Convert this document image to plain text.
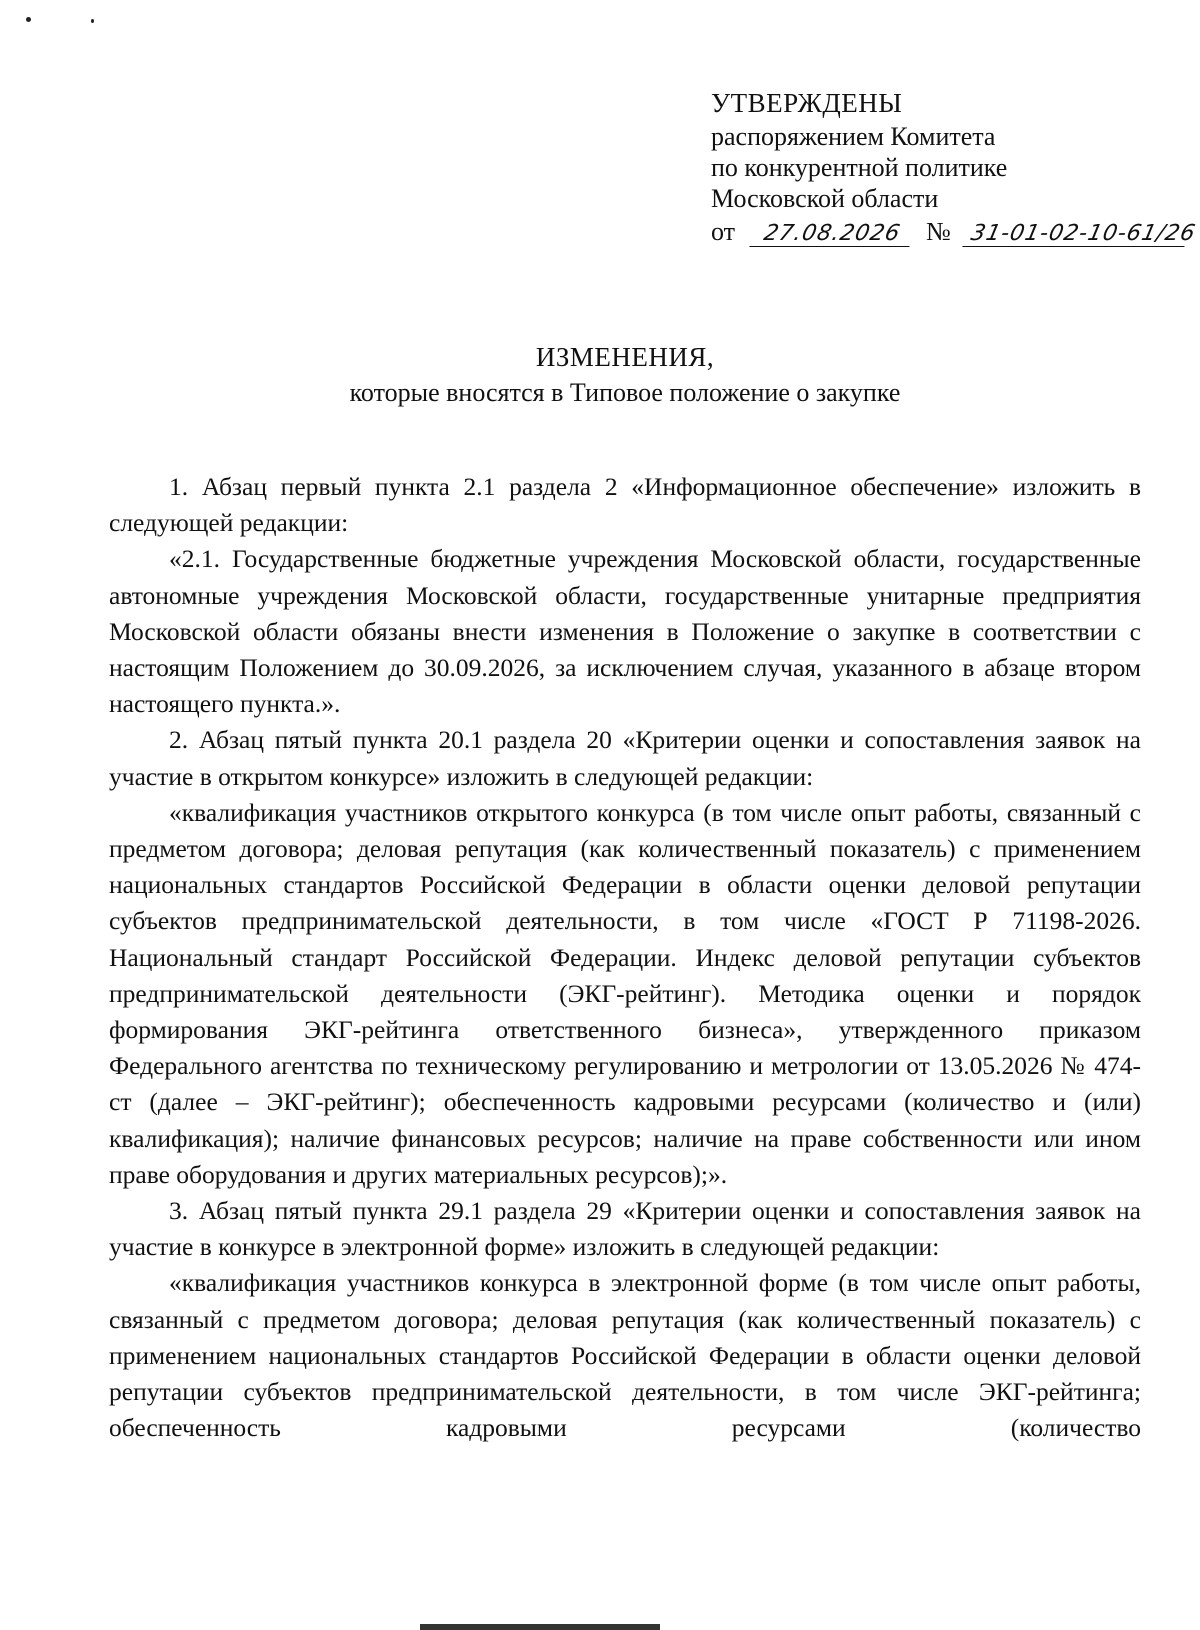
УТВЕРЖДЕНЫ
распоряжением Комитета
по конкурентной политике
Московской области
от 27.08.2026 № 31-01-02-10-61/26
ИЗМЕНЕНИЯ,
которые вносятся в Типовое положение о закупке

1. Абзац первый пункта 2.1 раздела 2 «Информационное обеспечение» изложить в следующей редакции:

«2.1. Государственные бюджетные учреждения Московской области, государственные автономные учреждения Московской области, государственные унитарные предприятия Московской области обязаны внести изменения в Положение о закупке в соответствии с настоящим Положением до 30.09.2026, за исключением случая, указанного в абзаце втором настоящего пункта.».

2. Абзац пятый пункта 20.1 раздела 20 «Критерии оценки и сопоставления заявок на участие в открытом конкурсе» изложить в следующей редакции:

«квалификация участников открытого конкурса (в том числе опыт работы, связанный с предметом договора; деловая репутация (как количественный показатель) с применением национальных стандартов Российской Федерации в области оценки деловой репутации субъектов предпринимательской деятельности, в том числе «ГОСТ Р 71198-2026. Национальный стандарт Российской Федерации. Индекс деловой репутации субъектов предпринимательской деятельности (ЭКГ-рейтинг). Методика оценки и порядок формирования ЭКГ-рейтинга ответственного бизнеса», утвержденного приказом Федерального агентства по техническому регулированию и метрологии от 13.05.2026 № 474-ст (далее – ЭКГ-рейтинг); обеспеченность кадровыми ресурсами (количество и (или) квалификация); наличие финансовых ресурсов; наличие на праве собственности или ином праве оборудования и других материальных ресурсов);».

3. Абзац пятый пункта 29.1 раздела 29 «Критерии оценки и сопоставления заявок на участие в конкурсе в электронной форме» изложить в следующей редакции:

«квалификация участников конкурса в электронной форме (в том числе опыт работы, связанный с предметом договора; деловая репутация (как количественный показатель) с применением национальных стандартов Российской Федерации в области оценки деловой репутации субъектов предпринимательской деятельности, в том числе ЭКГ-рейтинга; обеспеченность кадровыми ресурсами (количество
